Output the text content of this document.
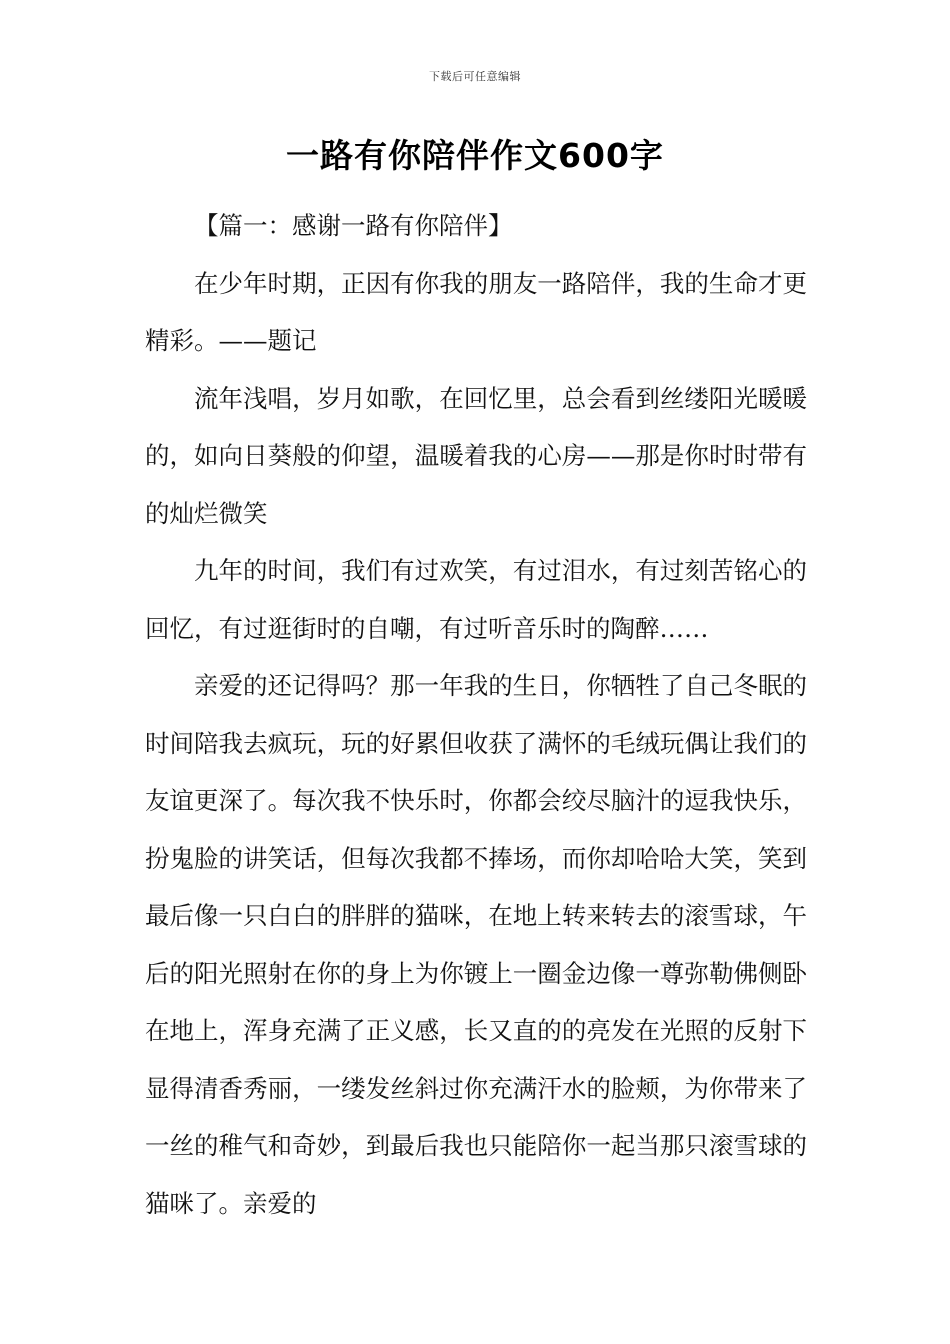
下载后可任意编辑
一路有你陪伴作文600字

【篇一：感谢一路有你陪伴】

在少年时期，正因有你我的朋友一路陪伴，我的生命才更精彩。——题记

流年浅唱，岁月如歌，在回忆里，总会看到丝缕阳光暖暖的，如向日葵般的仰望，温暖着我的心房——那是你时时带有的灿烂微笑

九年的时间，我们有过欢笑，有过泪水，有过刻苦铭心的回忆，有过逛街时的自嘲，有过听音乐时的陶醉……

亲爱的还记得吗？那一年我的生日，你牺牲了自己冬眠的时间陪我去疯玩，玩的好累但收获了满怀的毛绒玩偶让我们的友谊更深了。每次我不快乐时，你都会绞尽脑汁的逗我快乐，扮鬼脸的讲笑话，但每次我都不捧场，而你却哈哈大笑，笑到最后像一只白白的胖胖的猫咪，在地上转来转去的滚雪球，午后的阳光照射在你的身上为你镀上一圈金边像一尊弥勒佛侧卧在地上，浑身充满了正义感，长又直的的亮发在光照的反射下显得清香秀丽，一缕发丝斜过你充满汗水的脸颊，为你带来了一丝的稚气和奇妙，到最后我也只能陪你一起当那只滚雪球的猫咪了。亲爱的
